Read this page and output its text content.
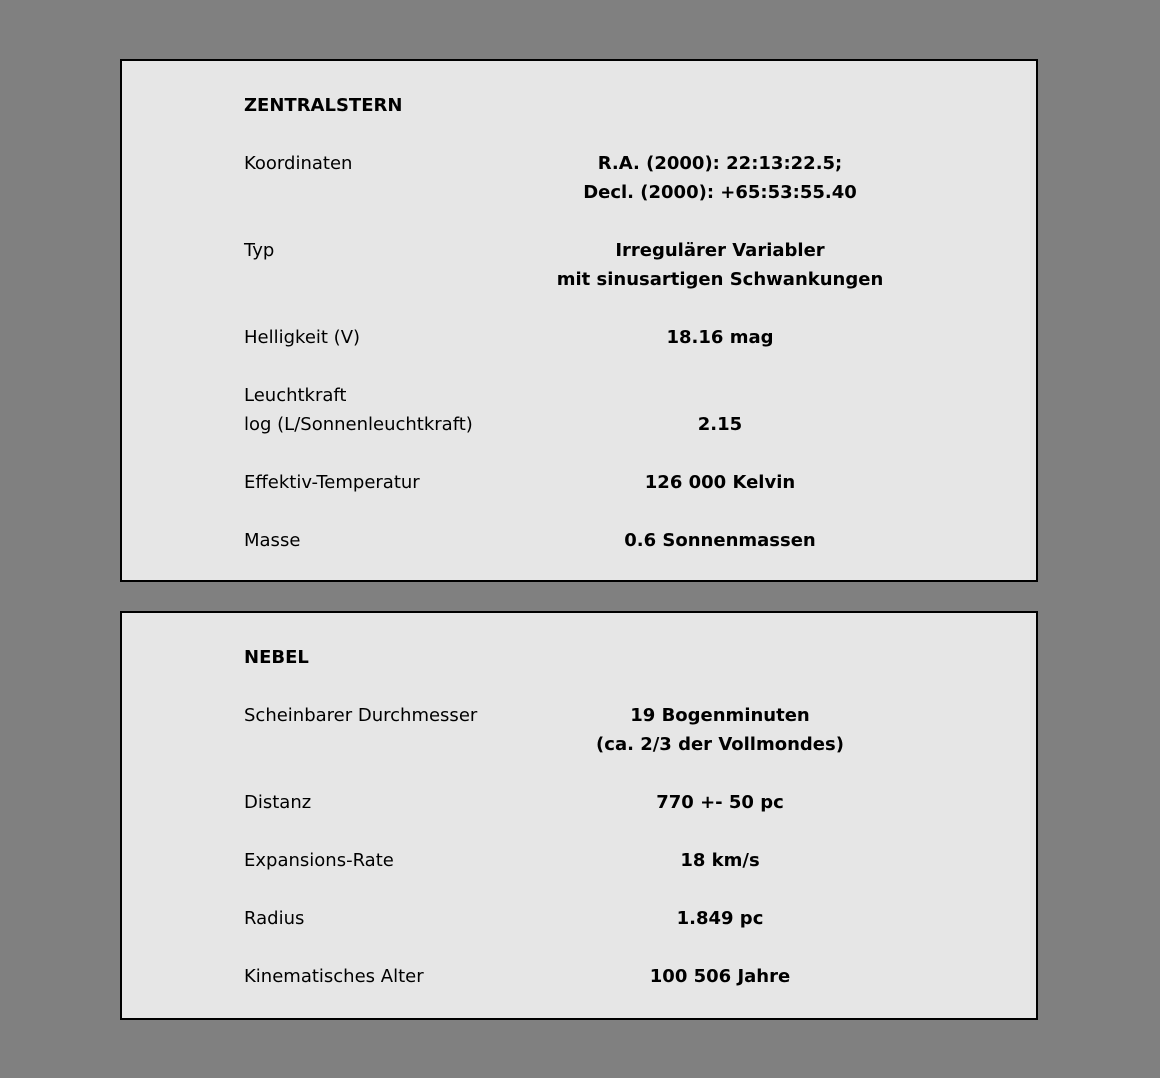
ZENTRALSTERN
Koordinaten	R.A. (2000): 22:13:22.5;
Decl. (2000): +65:53:55.40
Typ	Irregulärer Variabler
mit sinusartigen Schwankungen
Helligkeit (V)	18.16 mag
Leuchtkraft
log (L/Sonnenleuchtkraft)	2.15
Effektiv-Temperatur	126 000 Kelvin
Masse	0.6 Sonnenmassen
NEBEL
Scheinbarer Durchmesser	19 Bogenminuten
(ca. 2/3 der Vollmondes)
Distanz	770 +- 50 pc
Expansions-Rate	18 km/s
Radius	1.849 pc
Kinematisches Alter	100 506 Jahre
